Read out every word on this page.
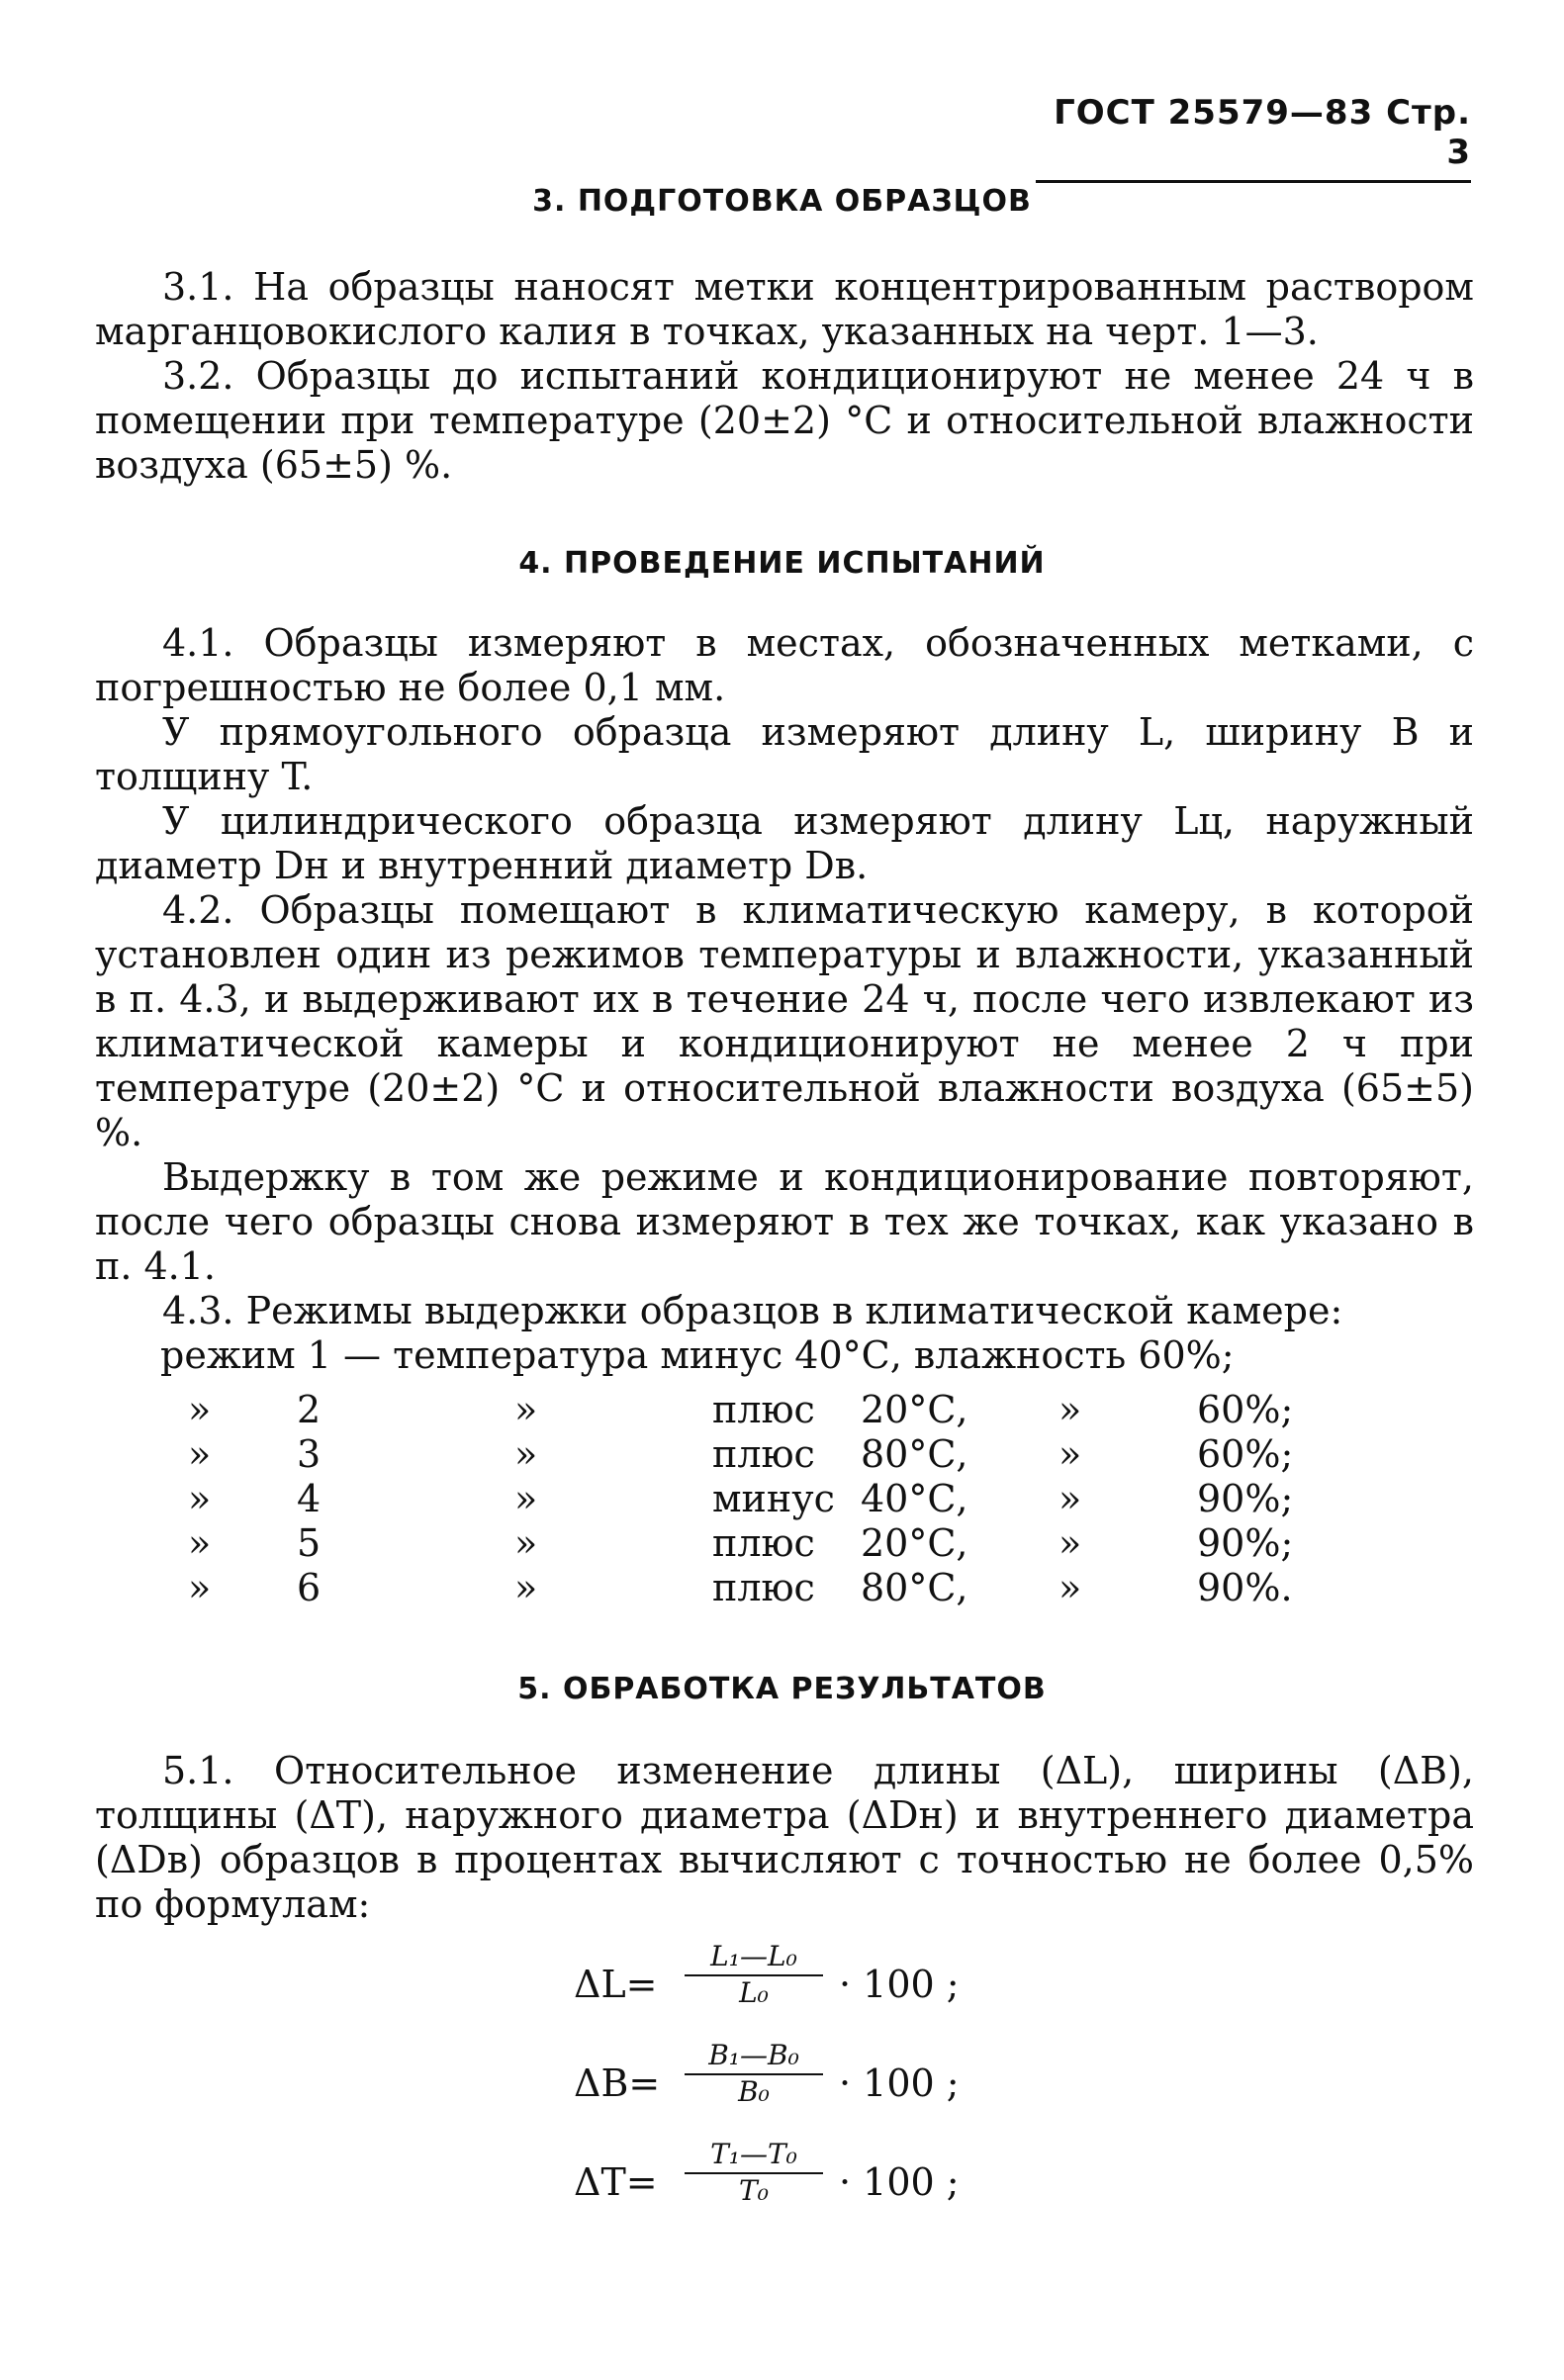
ГОСТ 25579—83 Стр. 3
3. ПОДГОТОВКА ОБРАЗЦОВ

3.1. На образцы наносят метки концентрированным раствором марганцовокислого калия в точках, указанных на черт. 1—3.

3.2. Образцы до испытаний кондиционируют не менее 24 ч в помещении при температуре (20±2) °С и относительной влажности воздуха (65±5) %.

4. ПРОВЕДЕНИЕ ИСПЫТАНИЙ

4.1. Образцы измеряют в местах, обозначенных метками, с погрешностью не более 0,1 мм.

У прямоугольного образца измеряют длину L, ширину B и толщину T.

У цилиндрического образца измеряют длину Lц, наружный диаметр Dн и внутренний диаметр Dв.

4.2. Образцы помещают в климатическую камеру, в которой установлен один из режимов температуры и влажности, указанный в п. 4.3, и выдерживают их в течение 24 ч, после чего извлекают из климатической камеры и кондиционируют не менее 2 ч при температуре (20±2) °С и относительной влажности воздуха (65±5) %.

Выдержку в том же режиме и кондиционирование повторяют, после чего образцы снова измеряют в тех же точках, как указано в п. 4.1.

4.3. Режимы выдержки образцов в климатической камере:

режим 1 — температура минус 40°С, влажность 60%;

» 2	»	плюс 20°С, »	60%;
» 3	»	плюс 80°С, »	60%;
» 4	»	минус 40°С, »	90%;
» 5	»	плюс 20°С, »	90%;
» 6	»	плюс 80°С, »	90%.
5. ОБРАБОТКА РЕЗУЛЬТАТОВ

5.1. Относительное изменение длины (ΔL), ширины (ΔB), толщины (ΔT), наружного диаметра (ΔDн) и внутреннего диаметра (ΔDв) образцов в процентах вычисляют с точностью не более 0,5% по формулам:

$\Delta L= \frac{\text{L₁—L₀}}{\text{L₀}} \cdot 100$ ;
$\Delta B= \frac{\text{B₁—B₀}}{\text{B₀}} \cdot 100$ ;
$\Delta T= \frac{\text{T₁—T₀}}{\text{T₀}} \cdot 100$ ;
